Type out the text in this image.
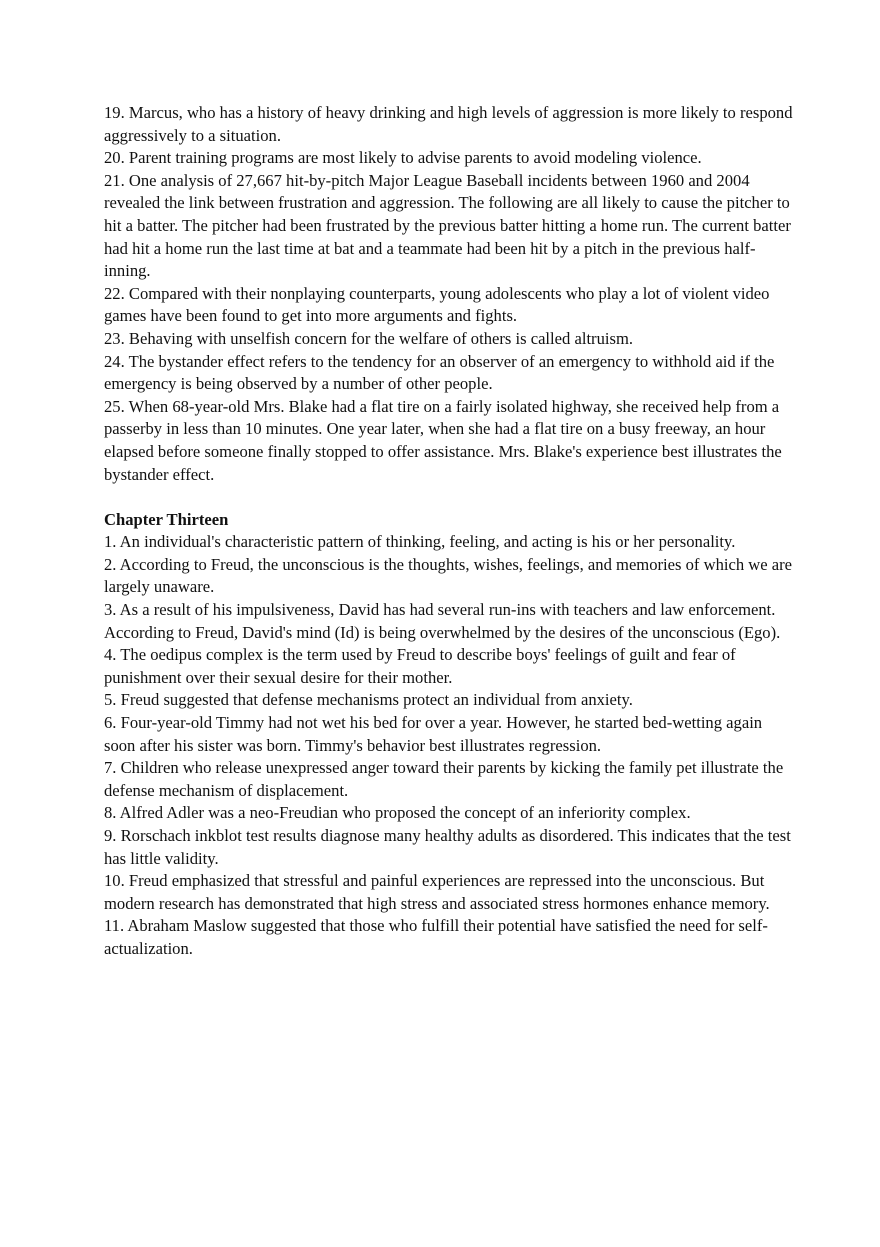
19. Marcus, who has a history of heavy drinking and high levels of aggression is more likely to respond aggressively to a situation.

20. Parent training programs are most likely to advise parents to avoid modeling violence.

21. One analysis of 27,667 hit-by-pitch Major League Baseball incidents between 1960 and 2004 revealed the link between frustration and aggression. The following are all likely to cause the pitcher to hit a batter. The pitcher had been frustrated by the previous batter hitting a home run. The current batter had hit a home run the last time at bat and a teammate had been hit by a pitch in the previous half-inning.

22. Compared with their nonplaying counterparts, young adolescents who play a lot of violent video games have been found to get into more arguments and fights.

23. Behaving with unselfish concern for the welfare of others is called altruism.

24. The bystander effect refers to the tendency for an observer of an emergency to withhold aid if the emergency is being observed by a number of other people.

25. When 68-year-old Mrs. Blake had a flat tire on a fairly isolated highway, she received help from a passerby in less than 10 minutes. One year later, when she had a flat tire on a busy freeway, an hour elapsed before someone finally stopped to offer assistance. Mrs. Blake's experience best illustrates the bystander effect.

Chapter Thirteen

1. An individual's characteristic pattern of thinking, feeling, and acting is his or her personality.

2. According to Freud, the unconscious is the thoughts, wishes, feelings, and memories of which we are largely unaware.

3. As a result of his impulsiveness, David has had several run-ins with teachers and law enforcement. According to Freud, David's mind (Id) is being overwhelmed by the desires of the unconscious (Ego).

4. The oedipus complex is the term used by Freud to describe boys' feelings of guilt and fear of punishment over their sexual desire for their mother.

5. Freud suggested that defense mechanisms protect an individual from anxiety.

6. Four-year-old Timmy had not wet his bed for over a year. However, he started bed-wetting again soon after his sister was born. Timmy's behavior best illustrates regression.

7. Children who release unexpressed anger toward their parents by kicking the family pet illustrate the defense mechanism of displacement.

8. Alfred Adler was a neo-Freudian who proposed the concept of an inferiority complex.

9. Rorschach inkblot test results diagnose many healthy adults as disordered. This indicates that the test has little validity.

10. Freud emphasized that stressful and painful experiences are repressed into the unconscious. But modern research has demonstrated that high stress and associated stress hormones enhance memory.

11. Abraham Maslow suggested that those who fulfill their potential have satisfied the need for self-actualization.
